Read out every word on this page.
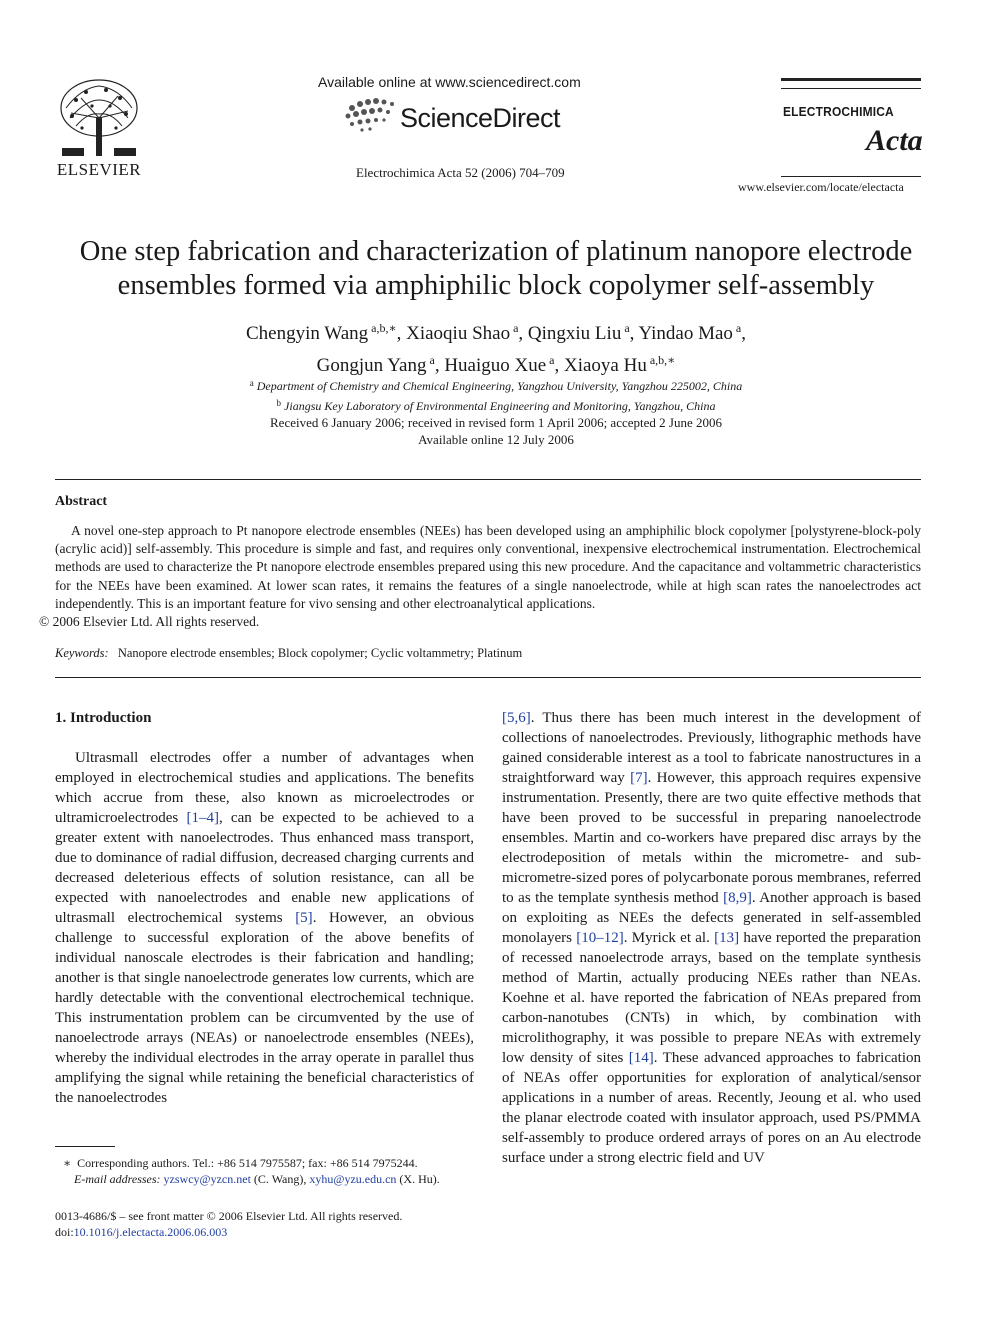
ELSEVIER
Available online at www.sciencedirect.com
ScienceDirect
Electrochimica Acta 52 (2006) 704–709
ELECTROCHIMICA
Acta
www.elsevier.com/locate/electacta
One step fabrication and characterization of platinum nanopore electrode
ensembles formed via amphiphilic block copolymer self-assembly
Chengyin Wang $^{a,b,∗}$, Xiaoqiu Shao $^a$, Qingxiu Liu $^a$, Yindao Mao $^a$,
Gongjun Yang $^a$, Huaiguo Xue $^a$, Xiaoya Hu $^{a,b,∗}$
$^a$ Department of Chemistry and Chemical Engineering, Yangzhou University, Yangzhou 225002, China
$^b$ Jiangsu Key Laboratory of Environmental Engineering and Monitoring, Yangzhou, China
Received 6 January 2006; received in revised form 1 April 2006; accepted 2 June 2006
Available online 12 July 2006
Abstract
A novel one-step approach to Pt nanopore electrode ensembles (NEEs) has been developed using an amphiphilic block copolymer [polystyrene-block-poly (acrylic acid)] self-assembly. This procedure is simple and fast, and requires only conventional, inexpensive electrochemical instrumentation. Electrochemical methods are used to characterize the Pt nanopore electrode ensembles prepared using this new procedure. And the capacitance and voltammetric characteristics for the NEEs have been examined. At lower scan rates, it remains the features of a single nanoelectrode, while at high scan rates the nanoelectrodes act independently. This is an important feature for vivo sensing and other electroanalytical applications.
© 2006 Elsevier Ltd. All rights reserved.
Keywords: Nanopore electrode ensembles; Block copolymer; Cyclic voltammetry; Platinum
1. Introduction

Ultrasmall electrodes offer a number of advantages when employed in electrochemical studies and applications. The benefits which accrue from these, also known as microelectrodes or ultramicroelectrodes [1–4], can be expected to be achieved to a greater extent with nanoelectrodes. Thus enhanced mass transport, due to dominance of radial diffusion, decreased charging currents and decreased deleterious effects of solution resistance, can all be expected with nanoelectrodes and enable new applications of ultrasmall electrochemical systems [5]. However, an obvious challenge to successful exploration of the above benefits of individual nanoscale electrodes is their fabrication and handling; another is that single nanoelectrode generates low currents, which are hardly detectable with the conventional electrochemical technique. This instrumentation problem can be circumvented by the use of nanoelectrode arrays (NEAs) or nanoelectrode ensembles (NEEs), whereby the individual electrodes in the array operate in parallel thus amplifying the signal while retaining the beneficial characteristics of the nanoelectrodes

[5,6]. Thus there has been much interest in the development of collections of nanoelectrodes. Previously, lithographic methods have gained considerable interest as a tool to fabricate nanostructures in a straightforward way [7]. However, this approach requires expensive instrumentation. Presently, there are two quite effective methods that have been proved to be successful in preparing nanoelectrode ensembles. Martin and co-workers have prepared disc arrays by the electrodeposition of metals within the micrometre- and sub-micrometre-sized pores of polycarbonate porous membranes, referred to as the template synthesis method [8,9]. Another approach is based on exploiting as NEEs the defects generated in self-assembled monolayers [10–12]. Myrick et al. [13] have reported the preparation of recessed nanoelectrode arrays, based on the template synthesis method of Martin, actually producing NEEs rather than NEAs. Koehne et al. have reported the fabrication of NEAs prepared from carbon-nanotubes (CNTs) in which, by combination with microlithography, it was possible to prepare NEAs with extremely low density of sites [14]. These advanced approaches to fabrication of NEAs offer opportunities for exploration of analytical/sensor applications in a number of areas. Recently, Jeoung et al. who used the planar electrode coated with insulator approach, used PS/PMMA self-assembly to produce ordered arrays of pores on an Au electrode surface under a strong electric field and UV

∗ Corresponding authors. Tel.: +86 514 7975587; fax: +86 514 7975244.
E-mail addresses: yzswcy@yzcn.net (C. Wang), xyhu@yzu.edu.cn (X. Hu).
0013-4686/$ – see front matter © 2006 Elsevier Ltd. All rights reserved.
doi:10.1016/j.electacta.2006.06.003
